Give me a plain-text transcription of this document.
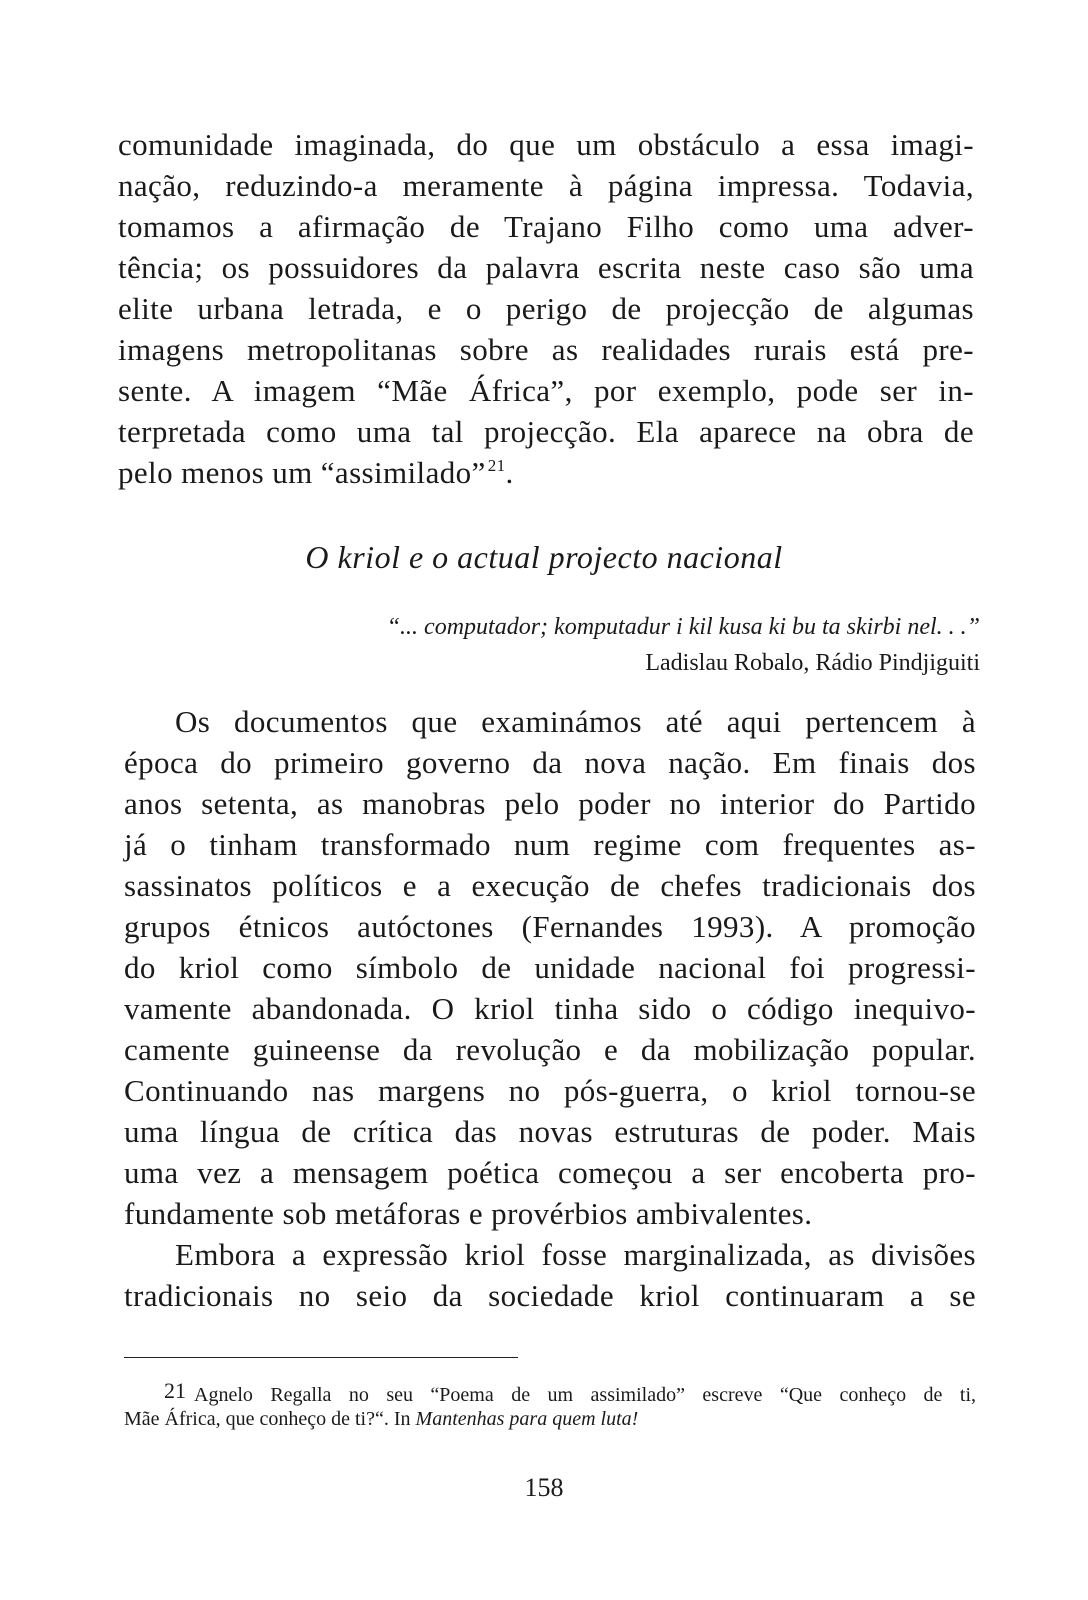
comunidade imaginada, do que um obstáculo a essa imagi-
nação, reduzindo-a meramente à página impressa. Todavia,
tomamos a afirmação de Trajano Filho como uma adver-
tência; os possuidores da palavra escrita neste caso são uma
elite urbana letrada, e o perigo de projecção de algumas
imagens metropolitanas sobre as realidades rurais está pre-
sente. A imagem “Mãe África”, por exemplo, pode ser in-
terpretada como uma tal projecção. Ela aparece na obra de
pelo menos um “assimilado” $^{21}$.
O kriol e o actual projecto nacional
“... computador; komputadur i kil kusa ki bu ta skirbi nel. . .”
Ladislau Robalo, Rádio Pindjiguiti
Os documentos que examinámos até aqui pertencem à
época do primeiro governo da nova nação. Em finais dos
anos setenta, as manobras pelo poder no interior do Partido
já o tinham transformado num regime com frequentes as-
sassinatos políticos e a execução de chefes tradicionais dos
grupos étnicos autóctones (Fernandes 1993). A promoção
do kriol como símbolo de unidade nacional foi progressi-
vamente abandonada. O kriol tinha sido o código inequivo-
camente guineense da revolução e da mobilização popular.
Continuando nas margens no pós-guerra, o kriol tornou-se
uma língua de crítica das novas estruturas de poder. Mais
uma vez a mensagem poética começou a ser encoberta pro-
fundamente sob metáforas e provérbios ambivalentes.
Embora a expressão kriol fosse marginalizada, as divisões
tradicionais no seio da sociedade kriol continuaram a se
21 Agnelo Regalla no seu “Poema de um assimilado” escreve “Que conheço de ti,
Mãe África, que conheço de ti?“. In Mantenhas para quem luta!
158
